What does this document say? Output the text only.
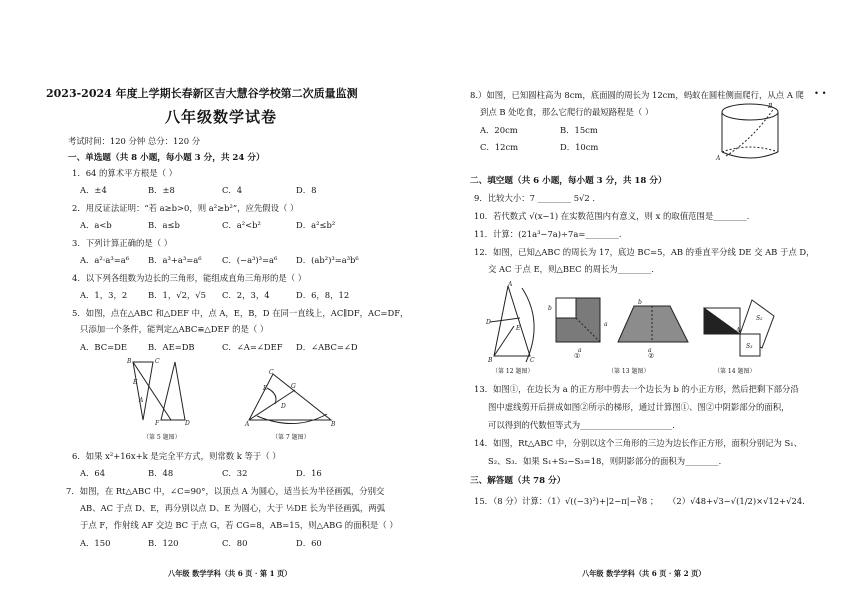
2023-2024 年度上学期长春新区吉大慧谷学校第二次质量监测
八年级数学试卷
考试时间：120 分钟 总分：120 分
一、单选题（共 8 小题，每小题 3 分，共 24 分）
1．64 的算术平方根是（ ）
A．±4	B．±8	C．4	D．8
2．用反证法证明：“若 a≥b>0，则 a²≥b²”，应先假设（ ）
A．a<b	B．a≤b	C．a²<b²	D．a²≤b²
3．下列计算正确的是（ ）
A．a²·a³=a⁶ B．a³+a³=a⁶ C．(−a³)³=a⁶ D．(ab²)³=a³b⁶
4．以下列各组数为边长的三角形，能组成直角三角形的是（ ）
A．1，3，2 B．1，√2，√5 C．2，3，4	D．6，8，12
5．如图，点在△ABC 和△DEF 中，点 A，E，B，D 在同一直线上，AC∥DF，AC=DF，
只添加一个条件，能判定△ABC≌△DEF 的是（ ）
A．BC=DE	B．AE=DB	C．∠A=∠DEF D．∠ABC=∠D
B	C
E
A
F	D
（第 5 题图）
C
G
A	B
E
D
（第 7 题图）
6．如果 x²+16x+k 是完全平方式，则常数 k 等于（ ）
A．64	B．48	C．32	D．16
7．如图，在 Rt△ABC 中，∠C=90°，以顶点 A 为圆心，适当长为半径画弧，分别交
AB、AC 于点 D、E，再分别以点 D、E 为圆心，大于 ½DE 长为半径画弧，两弧
于点 F，作射线 AF 交边 BC 于点 G，若 CG=8，AB=15，则△ABG 的面积是（ ）
A．150	B．120	C．80	D．60
八年级 数学学科（共 6 页 · 第 1 页）
• •
8.）如图，已知圆柱高为 8cm，底面圆的周长为 12cm，蚂蚁在圆柱侧面爬行，从点 A 爬
到点 B 处吃食，那么它爬行的最短路程是（ ）
A．20cm	B．15cm
C．12cm	D．10cm
B
A
二、填空题（共 6 小题，每小题 3 分，共 18 分）
9．比较大小：7 ________ 5√2 ．
10．若代数式 √(x−1) 在实数范围内有意义，则 x 的取值范围是________．
11．计算：(21a³−7a)÷7a=________．
12．如图，已知△ABC 的周长为 17，底边 BC=5，AB 的垂直平分线 DE 交 AB 于点 D，
交 AC 于点 E，则△BEC 的周长为________．
A
D
E
B	C
（第 12 题图）
b
a
a
b
a
①	②
（第 13 题图）
S₁
S₂
S₃
A
（第 14 题图）
13．如图①，在边长为 a 的正方形中剪去一个边长为 b 的小正方形，然后把剩下部分沿
图中虚线剪开后拼成如图②所示的梯形，通过计算图①、图②中阴影部分的面积，
可以得到的代数恒等式为______________________．
14．如图，Rt△ABC 中，分别以这个三角形的三边为边长作正方形，面积分别记为 S₁、
S₂、S₃．如果 S₁+S₂−S₃=18，则阴影部分的面积为________．
三、解答题（共 78 分）
15．（8 分）计算：（1）√((−3)²)+|2−π|−∛8 ； （2）√48+√3−√(1/2)×√12+√24．
八年级 数学学科（共 6 页 · 第 2 页）
